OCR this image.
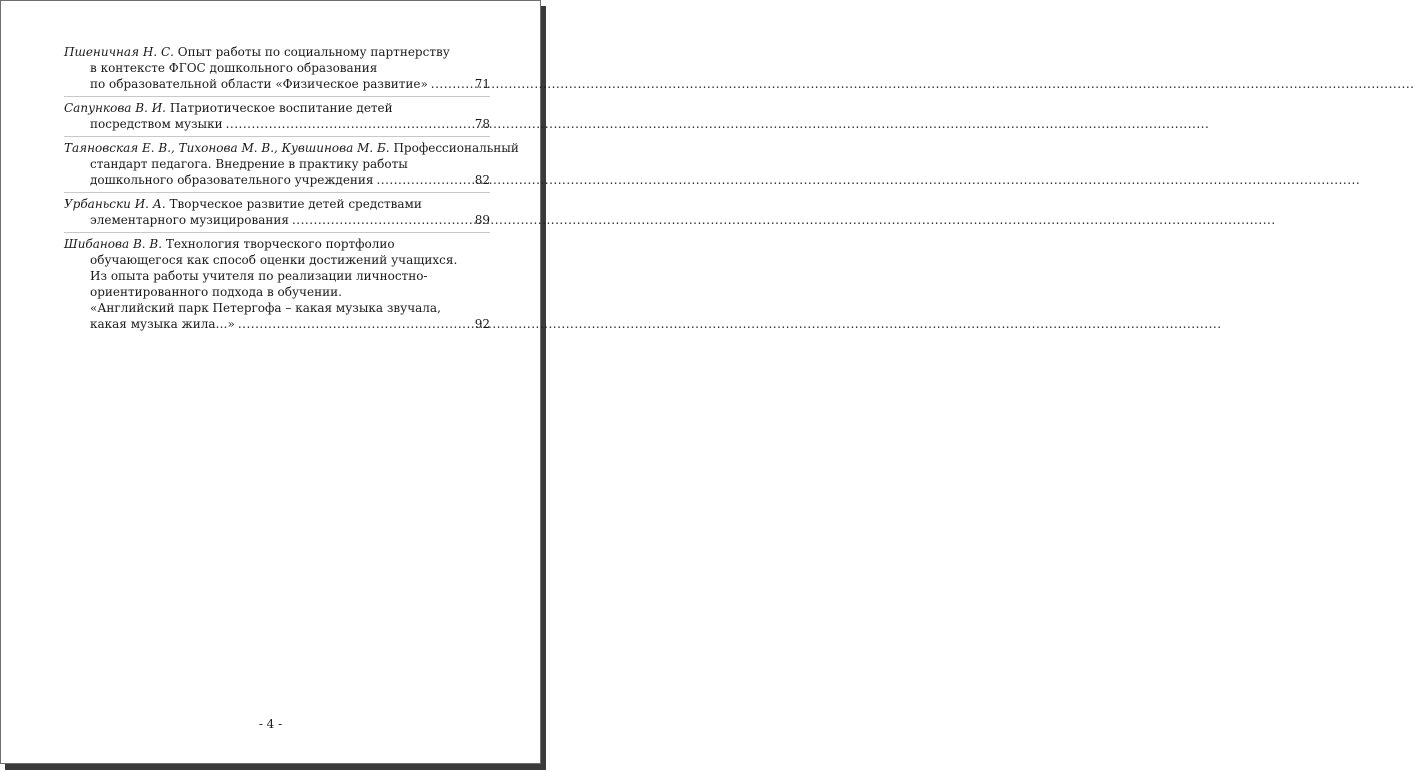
Пшеничная Н. С. Опыт работы по социальному партнерству
в контексте ФГОС дошкольного образования
по образовательной области «Физическое развитие» .....	71
Сапункова В. И. Патриотическое воспитание детей
посредством музыки .....	78
Таяновская Е. В., Тихонова М. В., Кувшинова М. Б. Профессиональный
стандарт педагога. Внедрение в практику работы
дошкольного образовательного учреждения .....	82
Урбаньски И. А. Творческое развитие детей средствами
элементарного музицирования .....	89
Шибанова В. В. Технология творческого портфолио
обучающегося как способ оценки достижений учащихся.
Из опыта работы учителя по реализации личностно-
ориентированного подхода в обучении.
«Английский парк Петергофа – какая музыка звучала,
какая музыка жила…» .....	92
- 4 -
